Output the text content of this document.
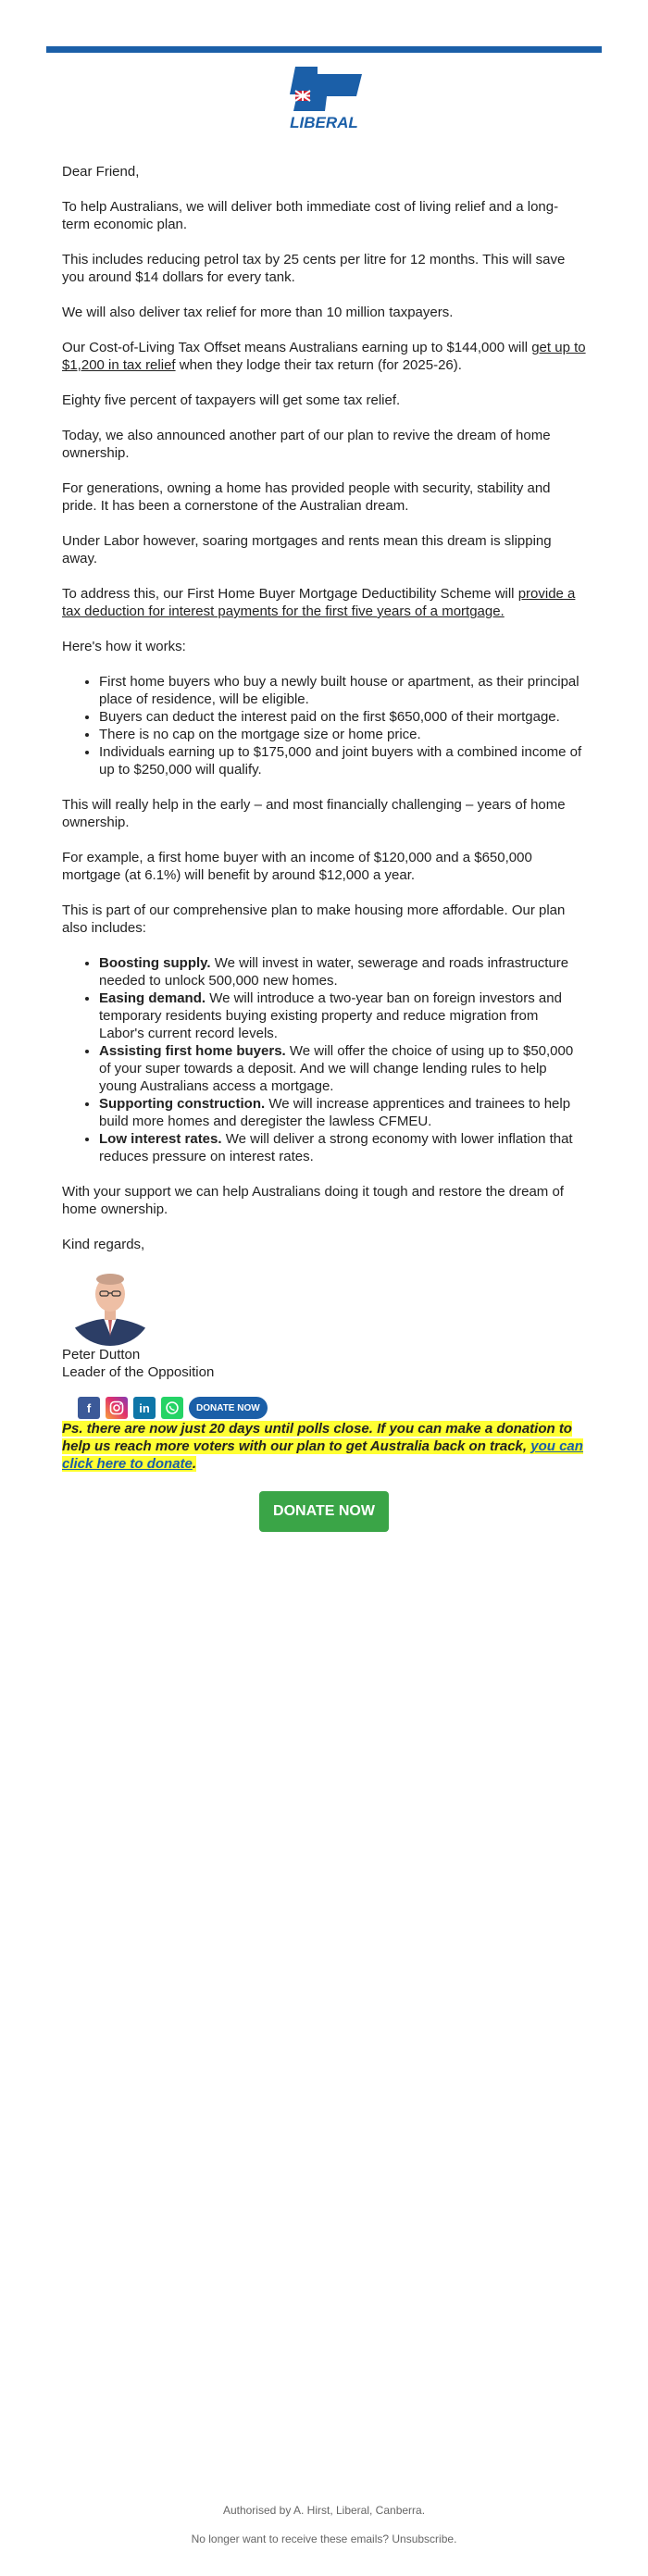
LIBERAL

Dear Friend,

To help Australians, we will deliver both immediate cost of living relief and a long-term economic plan.

This includes reducing petrol tax by 25 cents per litre for 12 months. This will save you around $14 dollars for every tank.

We will also deliver tax relief for more than 10 million taxpayers.

Our Cost-of-Living Tax Offset means Australians earning up to $144,000 will get up to $1,200 in tax relief when they lodge their tax return (for 2025-26).

Eighty five percent of taxpayers will get some tax relief.

Today, we also announced another part of our plan to revive the dream of home ownership.

For generations, owning a home has provided people with security, stability and pride. It has been a cornerstone of the Australian dream.

Under Labor however, soaring mortgages and rents mean this dream is slipping away.

To address this, our First Home Buyer Mortgage Deductibility Scheme will provide a tax deduction for interest payments for the first five years of a mortgage.

Here's how it works:

• First home buyers who buy a newly built house or apartment, as their principal place of residence, will be eligible.
• Buyers can deduct the interest paid on the first $650,000 of their mortgage.
• There is no cap on the mortgage size or home price.
• Individuals earning up to $175,000 and joint buyers with a combined income of up to $250,000 will qualify.

This will really help in the early – and most financially challenging – years of home ownership.

For example, a first home buyer with an income of $120,000 and a $650,000 mortgage (at 6.1%) will benefit by around $12,000 a year.

This is part of our comprehensive plan to make housing more affordable. Our plan also includes:

• Boosting supply. We will invest in water, sewerage and roads infrastructure needed to unlock 500,000 new homes.
• Easing demand. We will introduce a two-year ban on foreign investors and temporary residents buying existing property and reduce migration from Labor's current record levels.
• Assisting first home buyers. We will offer the choice of using up to $50,000 of your super towards a deposit. And we will change lending rules to help young Australians access a mortgage.
• Supporting construction. We will increase apprentices and trainees to help build more homes and deregister the lawless CFMEU.
• Low interest rates. We will deliver a strong economy with lower inflation that reduces pressure on interest rates.

With your support we can help Australians doing it tough and restore the dream of home ownership.

Kind regards,

Peter Dutton

Leader of the Opposition

f	in	DONATE NOW

Ps. there are now just 20 days until polls close. If you can make a donation to help us reach more voters with our plan to get Australia back on track, you can click here to donate.

DONATE NOW
Authorised by A. Hirst, Liberal, Canberra.
No longer want to receive these emails? Unsubscribe.
